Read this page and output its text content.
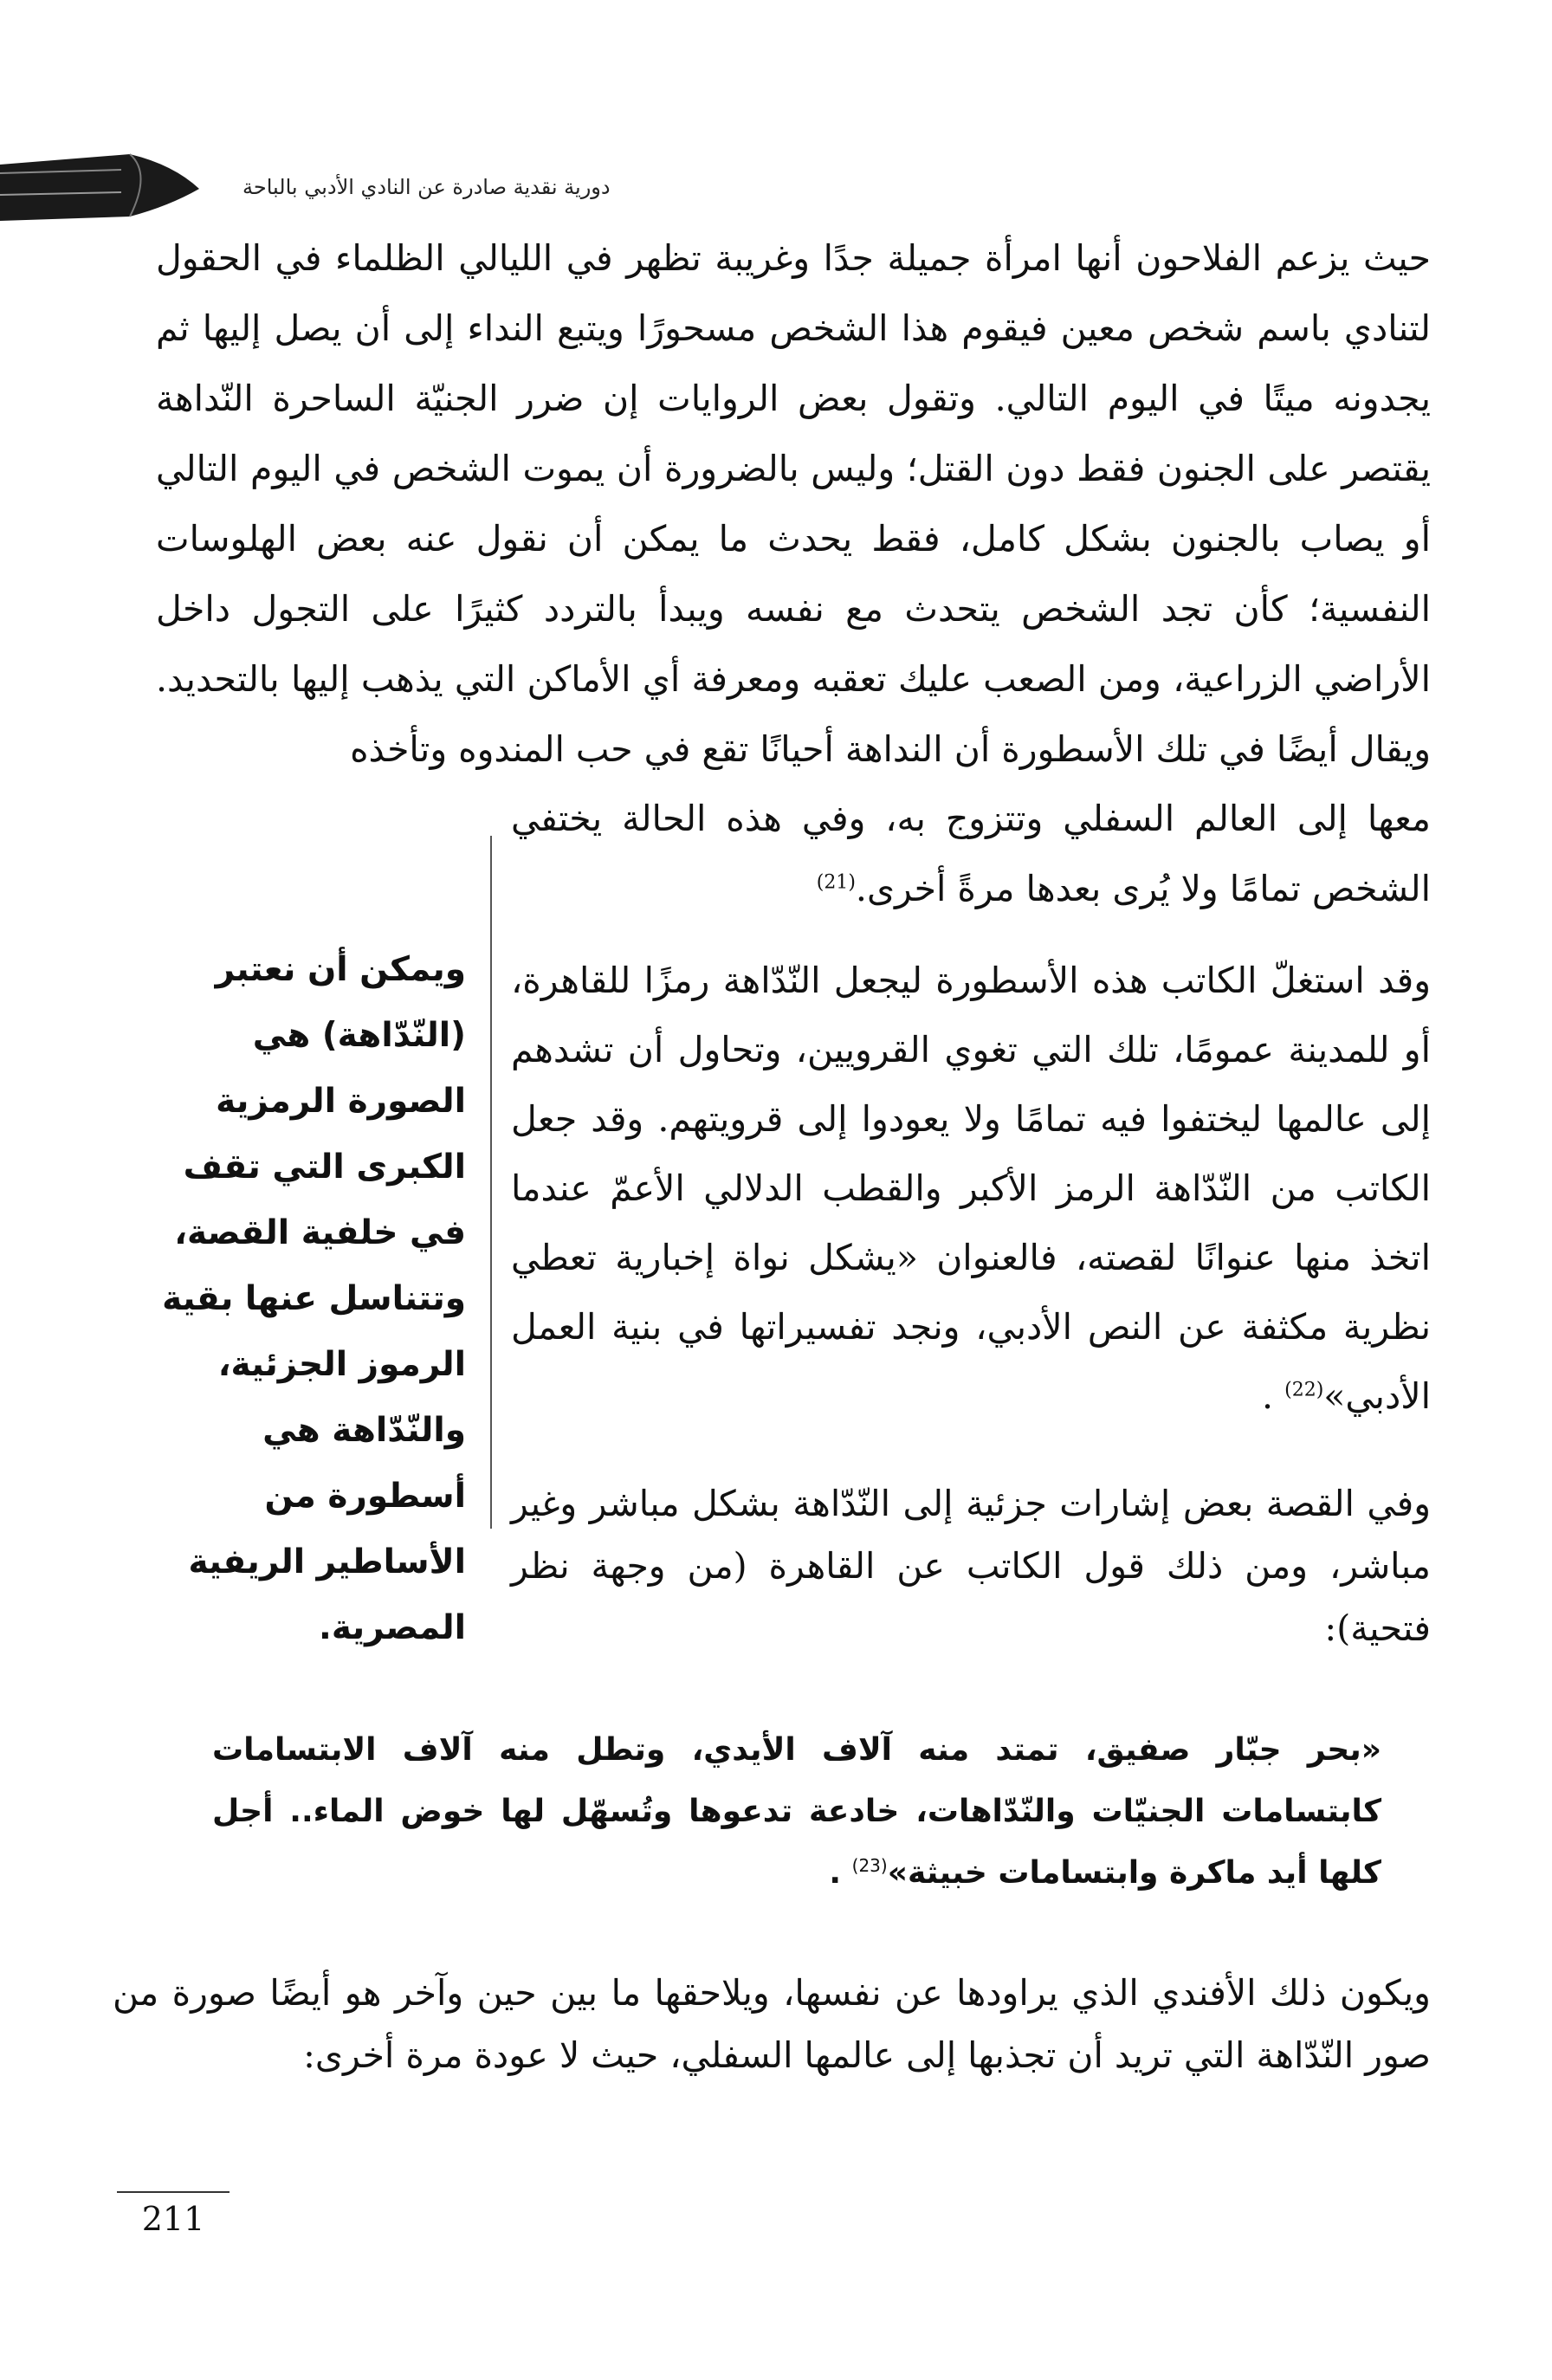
دورية نقدية صادرة عن النادي الأدبي بالباحة
حيث يزعم الفلاحون أنها امرأة جميلة جدًا وغريبة تظهر في الليالي الظلماء في الحقول لتنادي باسم شخص معين فيقوم هذا الشخص مسحورًا ويتبع النداء إلى أن يصل إليها ثم يجدونه ميتًا في اليوم التالي. وتقول بعض الروايات إن ضرر الجنيّة الساحرة النّداهة يقتصر على الجنون فقط دون القتل؛ وليس بالضرورة أن يموت الشخص في اليوم التالي أو يصاب بالجنون بشكل كامل، فقط يحدث ما يمكن أن نقول عنه بعض الهلوسات النفسية؛ كأن تجد الشخص يتحدث مع نفسه ويبدأ بالتردد كثيرًا على التجول داخل الأراضي الزراعية، ومن الصعب عليك تعقبه ومعرفة أي الأماكن التي يذهب إليها بالتحديد. ويقال أيضًا في تلك الأسطورة أن النداهة أحيانًا تقع في حب المندوه وتأخذه
معها إلى العالم السفلي وتتزوج به، وفي هذه الحالة يختفي الشخص تمامًا ولا يُرى بعدها مرةً أخرى.$^{(21)}$
وقد استغلّ الكاتب هذه الأسطورة ليجعل النّدّاهة رمزًا للقاهرة، أو للمدينة عمومًا، تلك التي تغوي القرويين، وتحاول أن تشدهم إلى عالمها ليختفوا فيه تمامًا ولا يعودوا إلى قرويتهم. وقد جعل الكاتب من النّدّاهة الرمز الأكبر والقطب الدلالي الأعمّ عندما اتخذ منها عنوانًا لقصته، فالعنوان «يشكل نواة إخبارية تعطي نظرية مكثفة عن النص الأدبي، ونجد تفسيراتها في بنية العمل الأدبي»$^{(22)}$ .
وفي القصة بعض إشارات جزئية إلى النّدّاهة بشكل مباشر وغير مباشر، ومن ذلك قول الكاتب عن القاهرة (من وجهة نظر فتحية):
«بحر جبّار صفيق، تمتد منه آلاف الأيدي، وتطل منه آلاف الابتسامات كابتسامات الجنيّات والنّدّاهات، خادعة تدعوها وتُسهّل لها خوض الماء.. أجل كلها أيد ماكرة وابتسامات خبيثة»$^{(23)}$ .
ويكون ذلك الأفندي الذي يراودها عن نفسها، ويلاحقها ما بين حين وآخر هو أيضًا صورة من صور النّدّاهة التي تريد أن تجذبها إلى عالمها السفلي، حيث لا عودة مرة أخرى:
ويمكن أن نعتبر (النّدّاهة) هي الصورة الرمزية الكبرى التي تقف في خلفية القصة، وتتناسل عنها بقية الرموز الجزئية، والنّدّاهة هي أسطورة من الأساطير الريفية المصرية.
211
